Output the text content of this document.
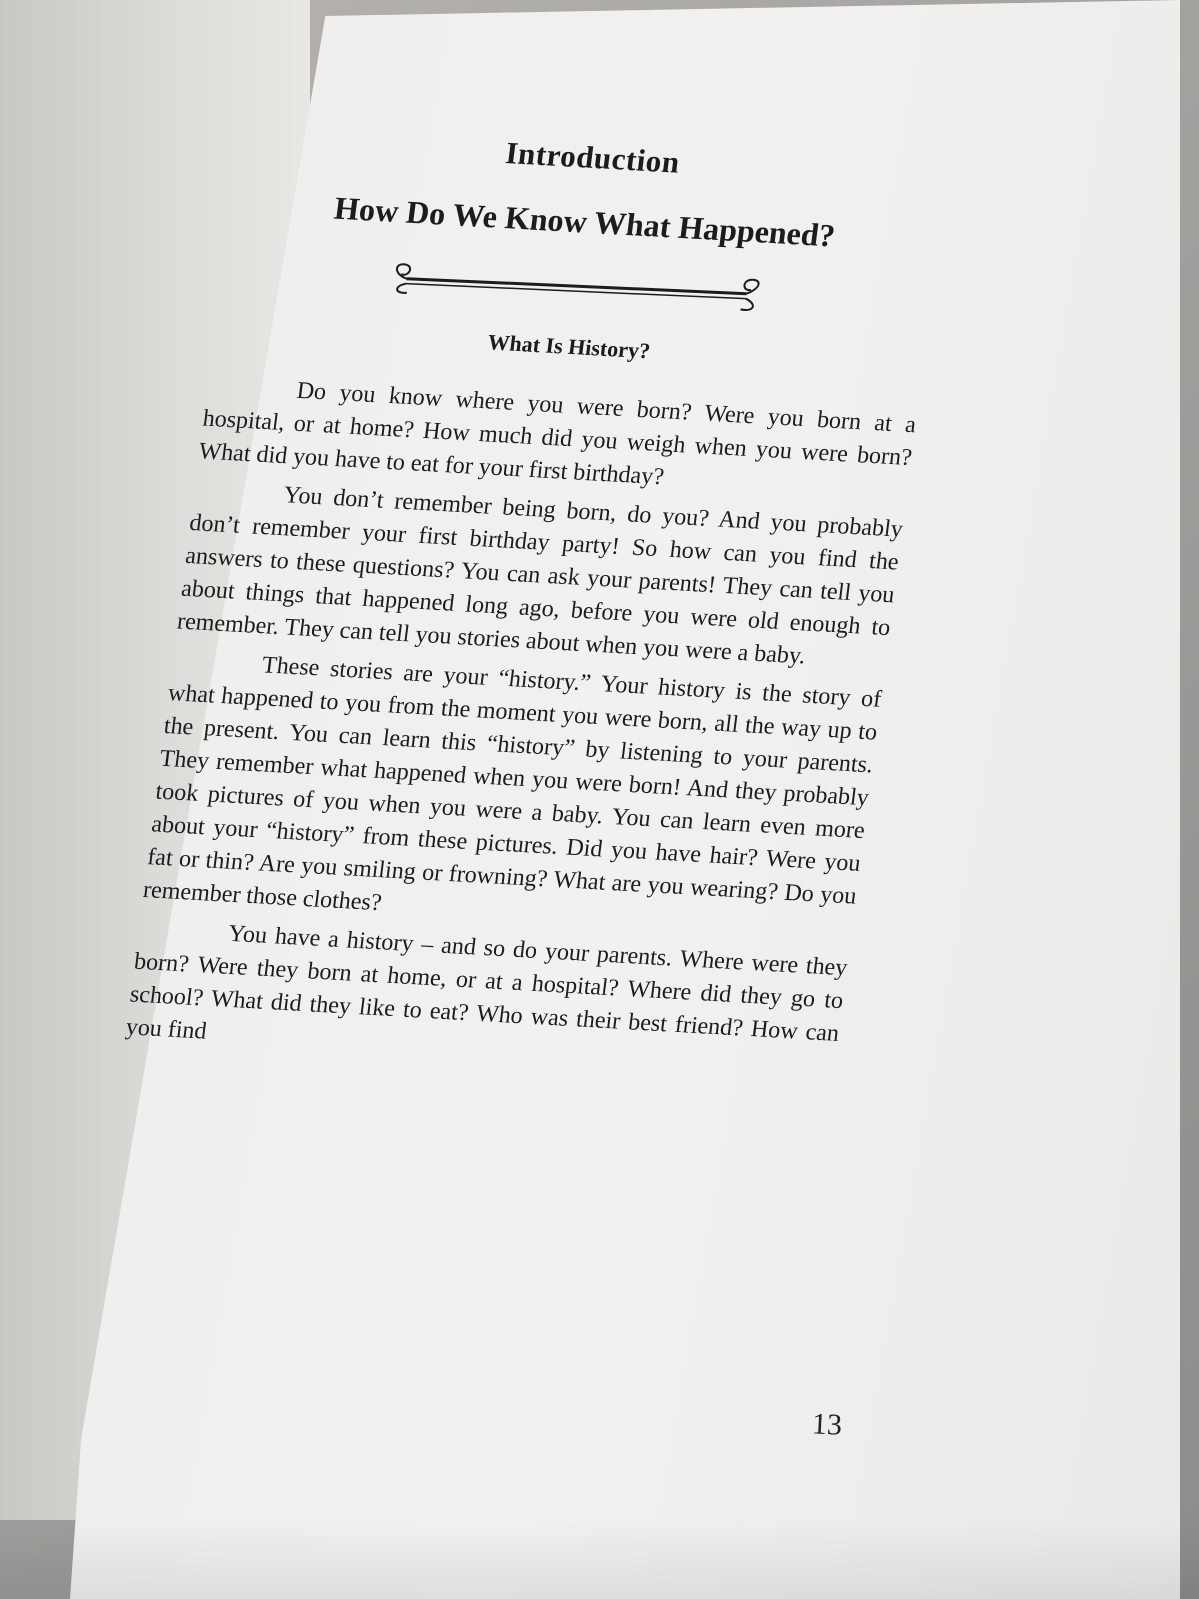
Introduction
How Do We Know What Happened?
What Is History?

Do you know where you were born? Were you born at a hospital, or at home? How much did you weigh when you were born? What did you have to eat for your first birthday?

You don’t remember being born, do you? And you probably don’t remember your first birthday party! So how can you find the answers to these questions? You can ask your parents! They can tell you about things that happened long ago, before you were old enough to remember. They can tell you stories about when you were a baby.

These stories are your “history.” Your history is the story of what happened to you from the moment you were born, all the way up to the present. You can learn this “history” by listening to your parents. They remember what happened when you were born! And they probably took pictures of you when you were a baby. You can learn even more about your “history” from these pictures. Did you have hair? Were you fat or thin? Are you smiling or frowning? What are you wearing? Do you remember those clothes?

You have a history – and so do your parents. Where were they born? Were they born at home, or at a hospital? Where did they go to school? What did they like to eat? Who was their best friend? How can you find

13
